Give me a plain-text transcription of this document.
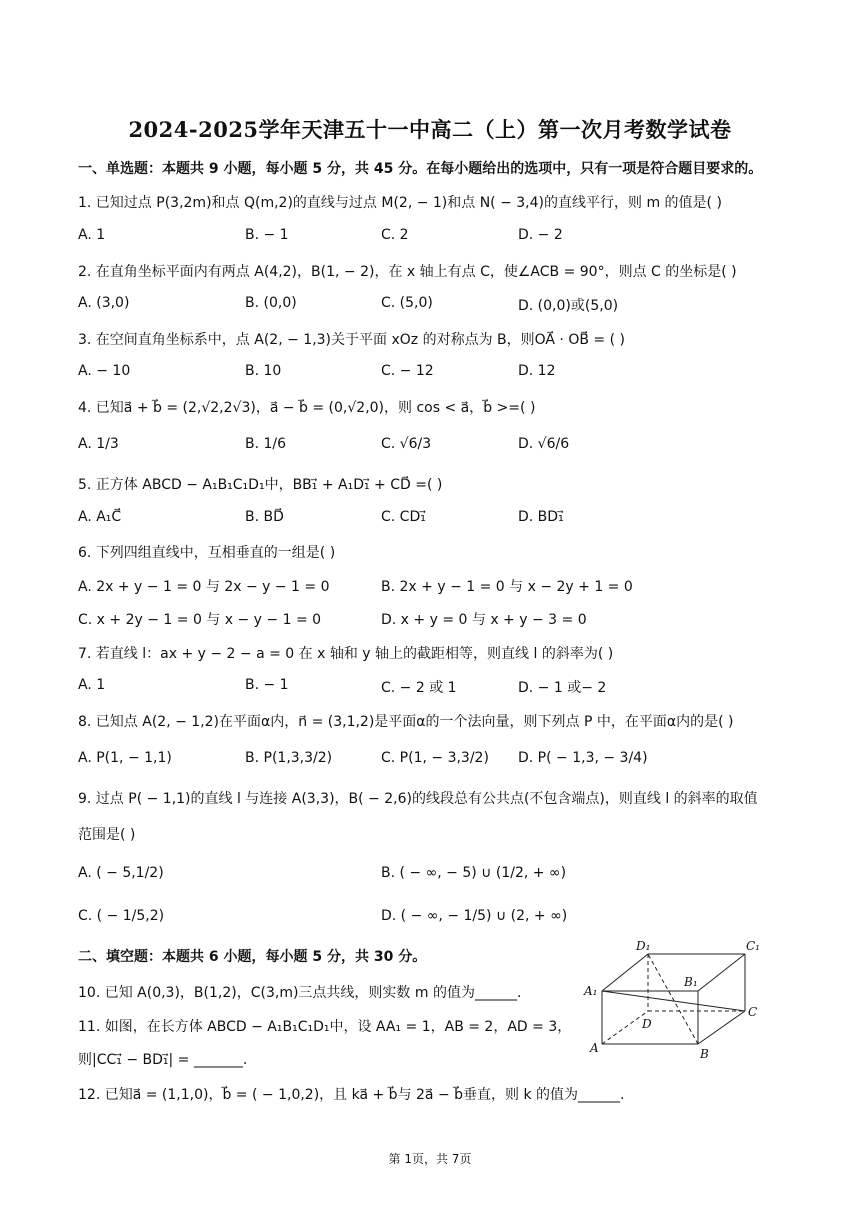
2024-2025学年天津五十一中高二（上）第一次月考数学试卷
一、单选题：本题共 9 小题，每小题 5 分，共 45 分。在每小题给出的选项中，只有一项是符合题目要求的。
1. 已知过点 P(3,2m)和点 Q(m,2)的直线与过点 M(2, − 1)和点 N( − 3,4)的直线平行，则 m 的值是( )
A. 1	B. − 1	C. 2	D. − 2
2. 在直角坐标平面内有两点 A(4,2)，B(1, − 2)，在 x 轴上有点 C，使∠ACB = 90°，则点 C 的坐标是( )
A. (3,0)	B. (0,0)	C. (5,0)	D. (0,0)或(5,0)
3. 在空间直角坐标系中，点 A(2, − 1,3)关于平面 xOz 的对称点为 B，则OA⃗ · OB⃗ = ( )
A. − 10	B. 10	C. − 12	D. 12
4. 已知a⃗ + b⃗ = (2,√2,2√3)，a⃗ − b⃗ = (0,√2,0)，则 cos < a⃗，b⃗ >=( )
A. 1/3	B. 1/6	C. √6/3	D. √6/6
5. 正方体 ABCD − A₁B₁C₁D₁中，BB₁⃗ + A₁D₁⃗ + CD⃗ =( )
A. A₁C⃗	B. BD⃗	C. CD₁⃗	D. BD₁⃗
6. 下列四组直线中，互相垂直的一组是( )
A. 2x + y − 1 = 0 与 2x − y − 1 = 0	B. 2x + y − 1 = 0 与 x − 2y + 1 = 0
C. x + 2y − 1 = 0 与 x − y − 1 = 0	D. x + y = 0 与 x + y − 3 = 0
7. 若直线 l：ax + y − 2 − a = 0 在 x 轴和 y 轴上的截距相等，则直线 l 的斜率为( )
A. 1	B. − 1	C. − 2 或 1	D. − 1 或− 2
8. 已知点 A(2, − 1,2)在平面α内，n⃗ = (3,1,2)是平面α的一个法向量，则下列点 P 中，在平面α内的是( )
A. P(1, − 1,1)	B. P(1,3,3/2)	C. P(1, − 3,3/2) D. P( − 1,3, − 3/4)
9. 过点 P( − 1,1)的直线 l 与连接 A(3,3)，B( − 2,6)的线段总有公共点(不包含端点)，则直线 l 的斜率的取值
范围是( )
A. ( − 5,1/2)	B. ( − ∞, − 5) ∪ (1/2, + ∞)
C. ( − 1/5,2)	D. ( − ∞, − 1/5) ∪ (2, + ∞)
二、填空题：本题共 6 小题，每小题 5 分，共 30 分。
10. 已知 A(0,3)，B(1,2)，C(3,m)三点共线，则实数 m 的值为______.
11. 如图，在长方体 ABCD − A₁B₁C₁D₁中，设 AA₁ = 1，AB = 2，AD = 3，
则|CC₁⃗ − BD₁⃗| = _______.
12. 已知a⃗ = (1,1,0)，b⃗ = ( − 1,0,2)，且 ka⃗ + b⃗与 2a⃗ − b⃗垂直，则 k 的值为______.
D₁	C₁
B₁
A₁
D
C
A	B
第 1页，共 7页
